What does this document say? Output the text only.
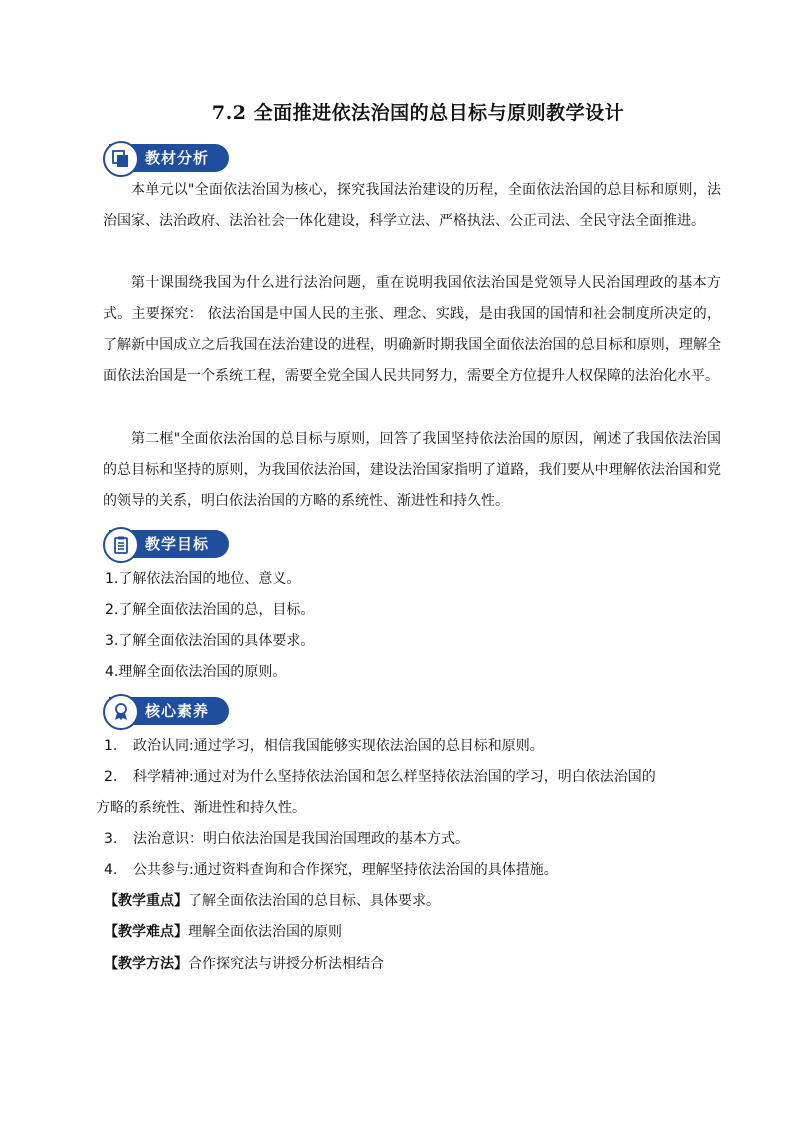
7.2 全面推进依法治国的总目标与原则教学设计
教材分析

本单元以"全面依法治国为核心，探究我国法治建设的历程，全面依法治国的总目标和原则，法治国家、法治政府、法治社会一体化建设，科学立法、严格执法、公正司法、全民守法全面推进。

第十课围绕我国为什么进行法治问题，重在说明我国依法治国是党领导人民治国理政的基本方式。主要探究： 依法治国是中国人民的主张、理念、实践，是由我国的国情和社会制度所决定的，了解新中国成立之后我国在法治建设的进程，明确新时期我国全面依法治国的总目标和原则，理解全面依法治国是一个系统工程，需要全党全国人民共同努力，需要全方位提升人权保障的法治化水平。

第二框"全面依法治国的总目标与原则，回答了我国坚持依法治国的原因，阐述了我国依法治国的总目标和坚持的原则，为我国依法治国，建设法治国家指明了道路，我们要从中理解依法治国和党的领导的关系，明白依法治国的方略的系统性、渐进性和持久性。

教学目标
1.了解依法治国的地位、意义。
2.了解全面依法治国的总，目标。
3.了解全面依法治国的具体要求。
4.理解全面依法治国的原则。
核心素养
1. 政治认同:通过学习，相信我国能够实现依法治国的总目标和原则。
2. 科学精神:通过对为什么坚持依法治国和怎么样坚持依法治国的学习，明白依法治国的
方略的系统性、渐进性和持久性。
3. 法治意识：明白依法治国是我国治国理政的基本方式。
4. 公共参与:通过资料查询和合作探究，理解坚持依法治国的具体措施。
【教学重点】了解全面依法治国的总目标、具体要求。
【教学难点】理解全面依法治国的原则
【教学方法】合作探究法与讲授分析法相结合
